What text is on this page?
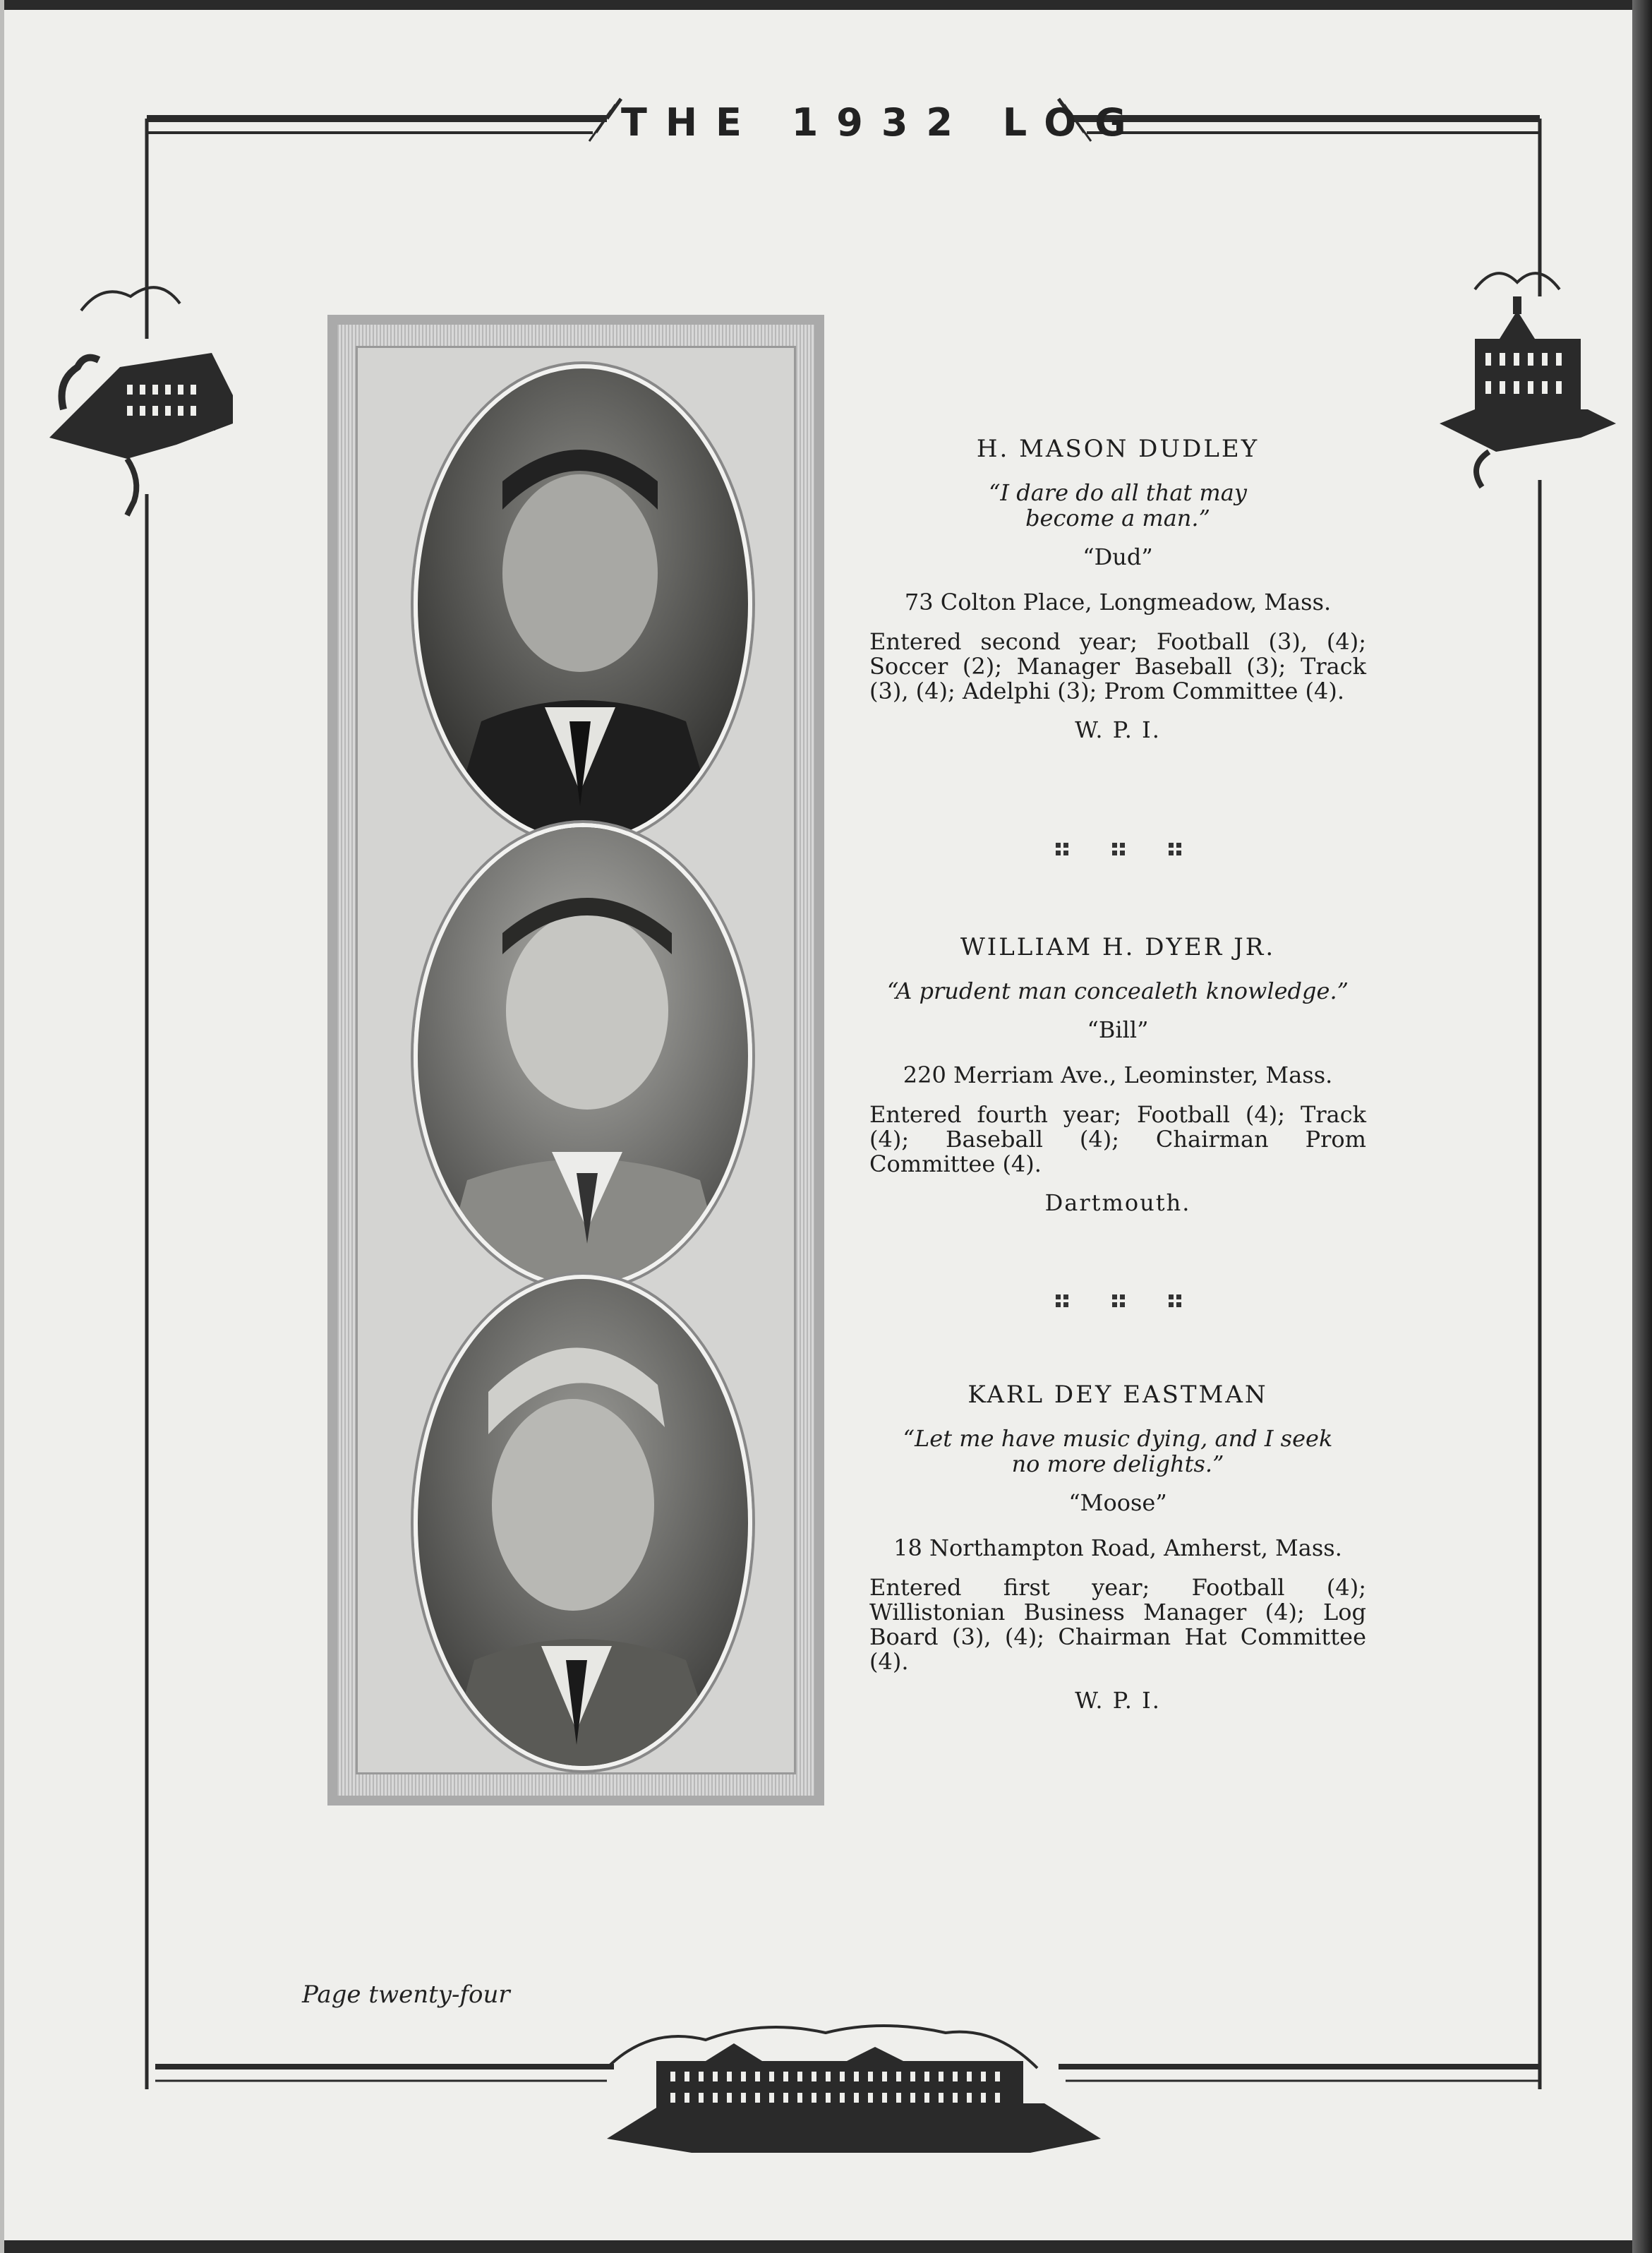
THE 1932 LOG
H. MASON DUDLEY
“I dare do all that may
become a man.”
“Dud”
73 Colton Place, Longmeadow, Mass.
Entered second year; Football (3), (4); Soccer (2); Manager Baseball (3); Track (3), (4); Adelphi (3); Prom Committee (4).
W. P. I.
WILLIAM H. DYER JR.
“A prudent man concealeth knowledge.”
“Bill”
220 Merriam Ave., Leominster, Mass.
Entered fourth year; Football (4); Track (4); Baseball (4); Chairman Prom Committee (4).
Dartmouth.
KARL DEY EASTMAN
“Let me have music dying, and I seek
no more delights.”
“Moose”
18 Northampton Road, Amherst, Mass.
Entered first year; Football (4); Willistonian Business Manager (4); Log Board (3), (4); Chairman Hat Committee (4).
W. P. I.
Page twenty-four
